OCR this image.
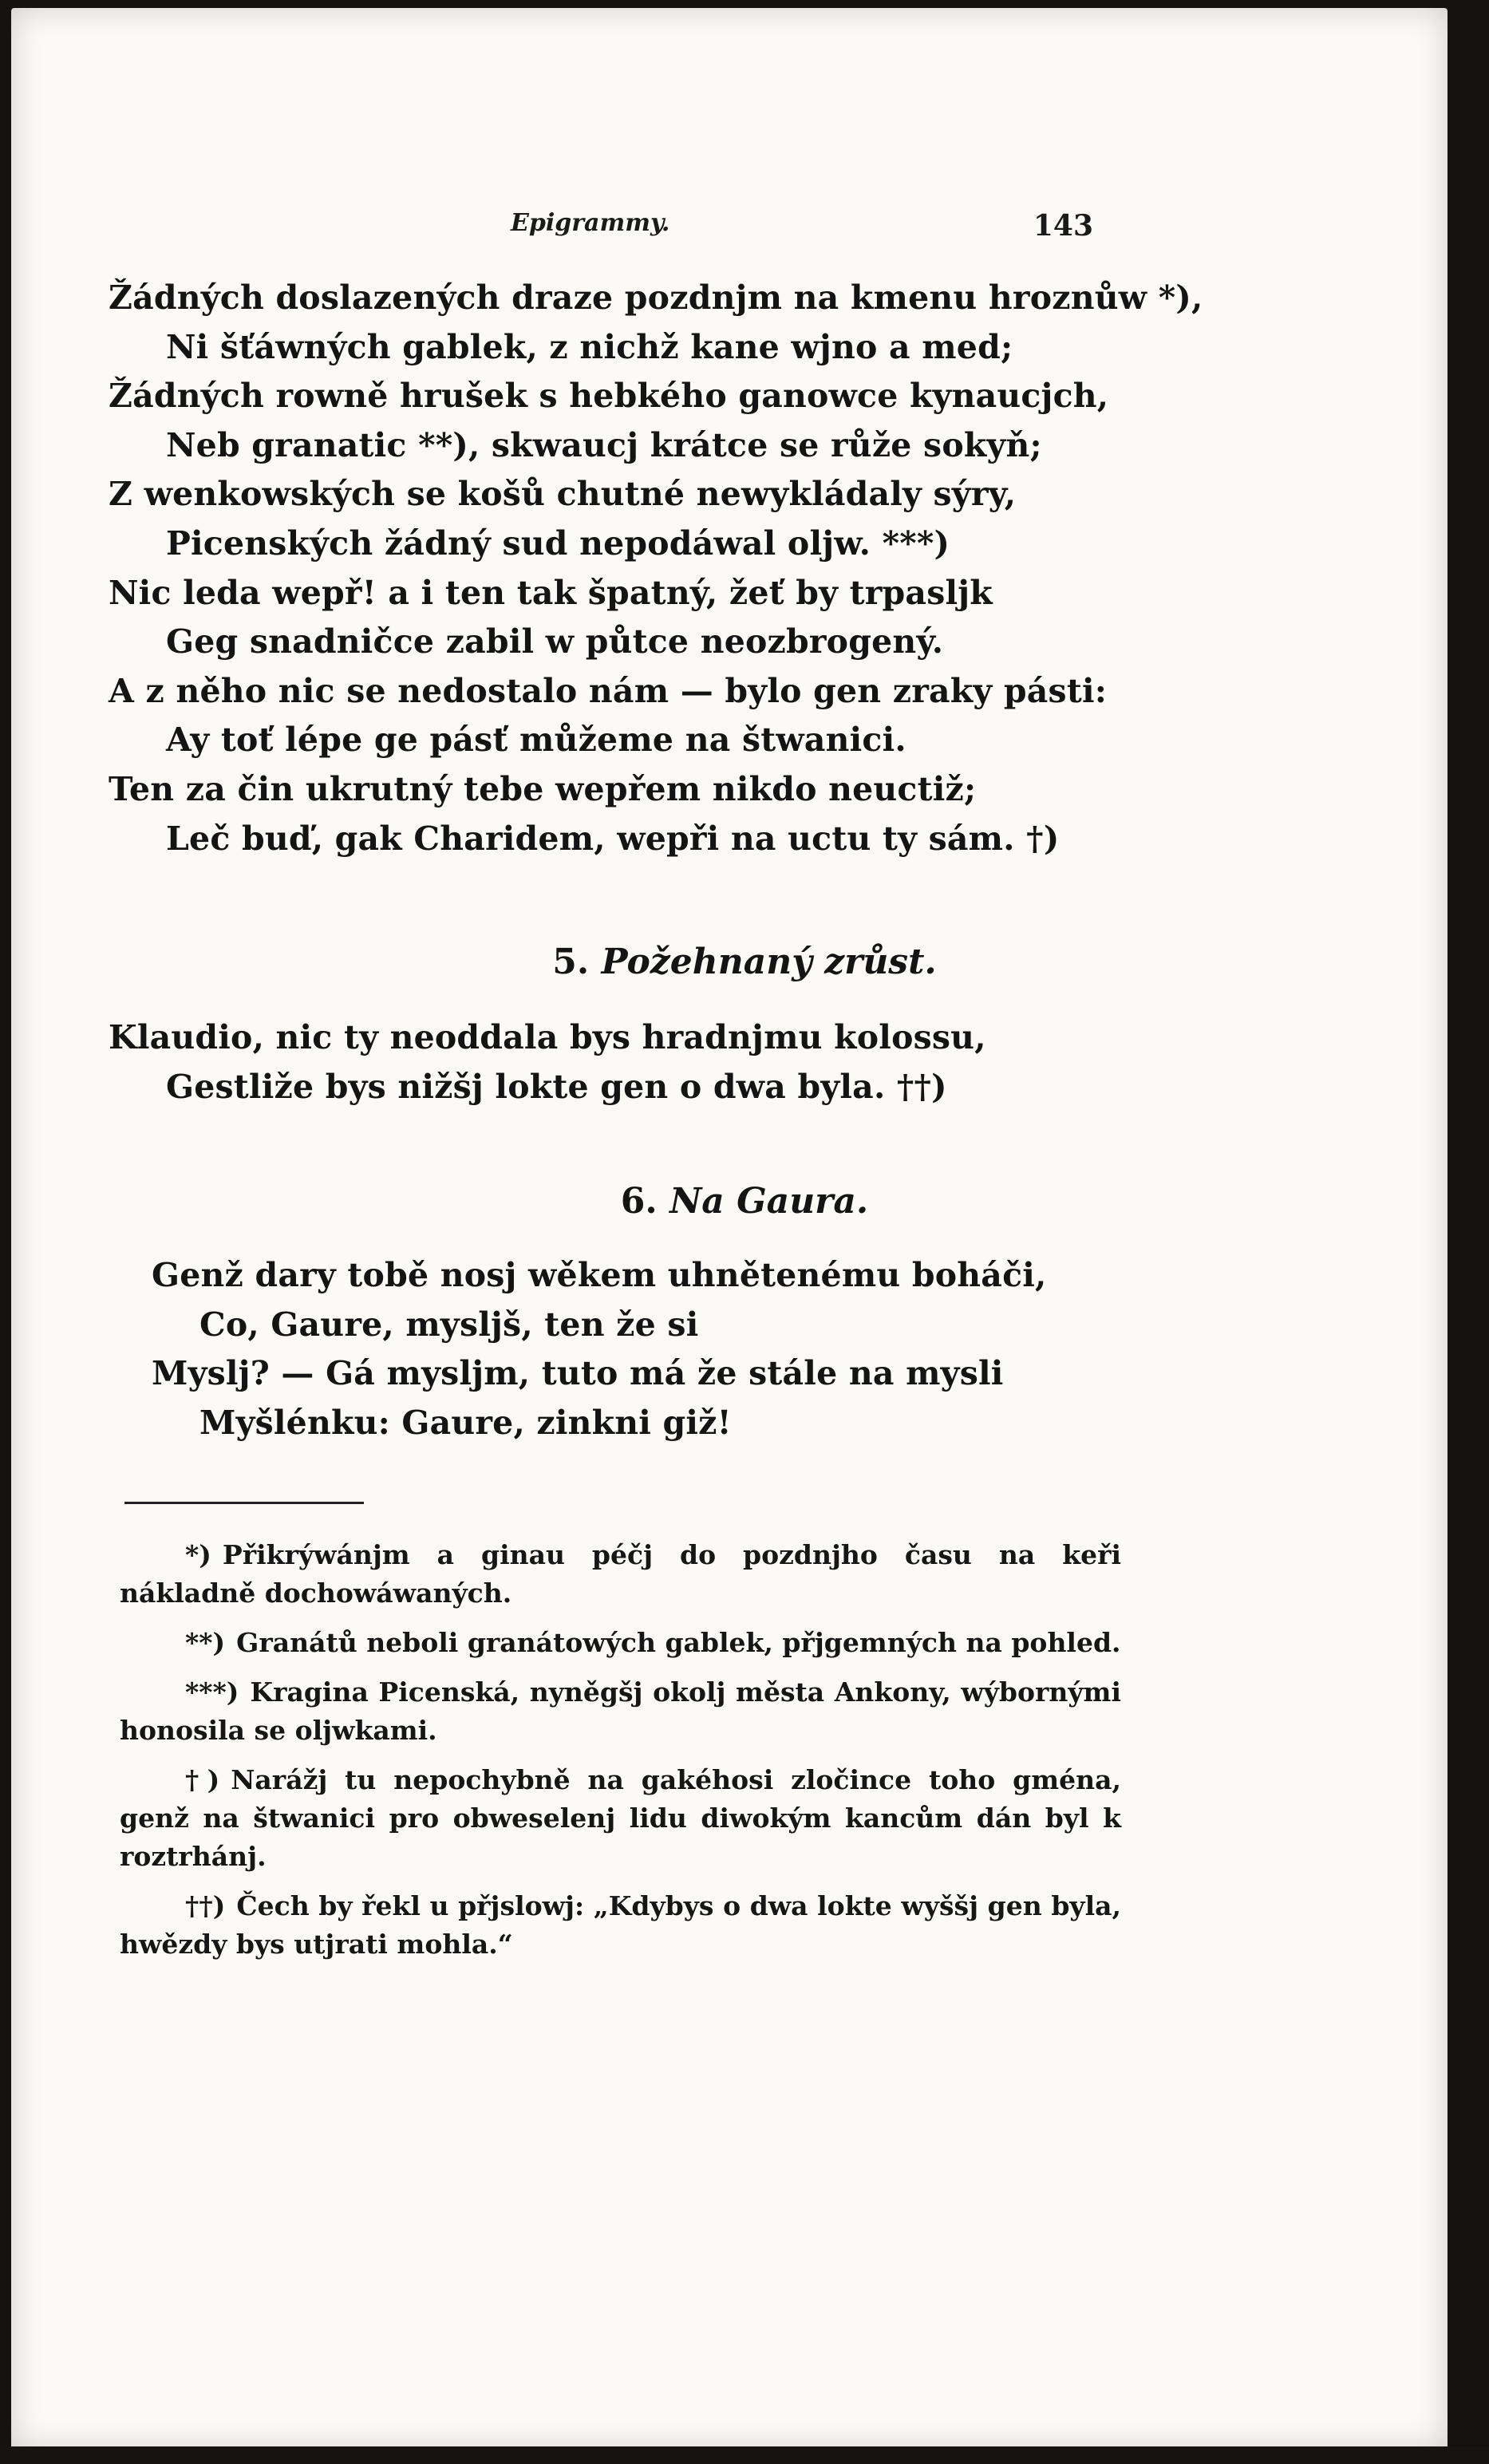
Epigrammy.	143
Žádných doslazených draze pozdnjm na kmenu hroznůw *),
Ni šťáwných gablek, z nichž kane wjno a med;
Žádných rowně hrušek s hebkého ganowce kynaucjch,
Neb granatic **), skwaucj krátce se růže sokyň;
Z wenkowských se košů chutné newykládaly sýry,
Picenských žádný sud nepodáwal oljw. ***)
Nic leda wepř! a i ten tak špatný, žeť by trpaslјk
Geg snadničce zabil w půtce neozbrogený.
A z něho nic se nedostalo nám — bylo gen zraky pásti:
Ay toť lépe ge pásť můžeme na štwanici.
Ten za čin ukrutný tebe wepřem nikdo neuctiž;
Leč buď, gak Charidem, wepři na uctu ty sám. †)
5. Požehnaný zrůst.
Klaudio, nic ty neoddala bys hradnjmu kolossu,
Gestliže bys nižšj lokte gen o dwa byla. ††)
6. Na Gaura.
Genž dary tobě nosj wěkem uhnětenému boháči,
Co, Gaure, myslјš, ten že si
Myslj? — Gá myslјm, tuto má že stále na mysli
Myšlénku: Gaure, zinkni giž!

*) Přikrýwánjm a ginau péčj do pozdnjho času na keři nákladně dochowáwaných.

**) Granátů neboli granátowých gablek, přjgemných na pohled.

***) Kragina Picenská, nyněgšj okolj města Ankony, wýbornými honosila se oljwkami.

†) Narážj tu nepochybně na gakéhosi zločince toho gména, genž na štwanici pro obweselenj lidu diwokým kancům dán byl k roztrhánj.

††) Čech by řekl u přjslowj: „Kdybys o dwa lokte wyššj gen byla, hwězdy bys utjrati mohla.“
